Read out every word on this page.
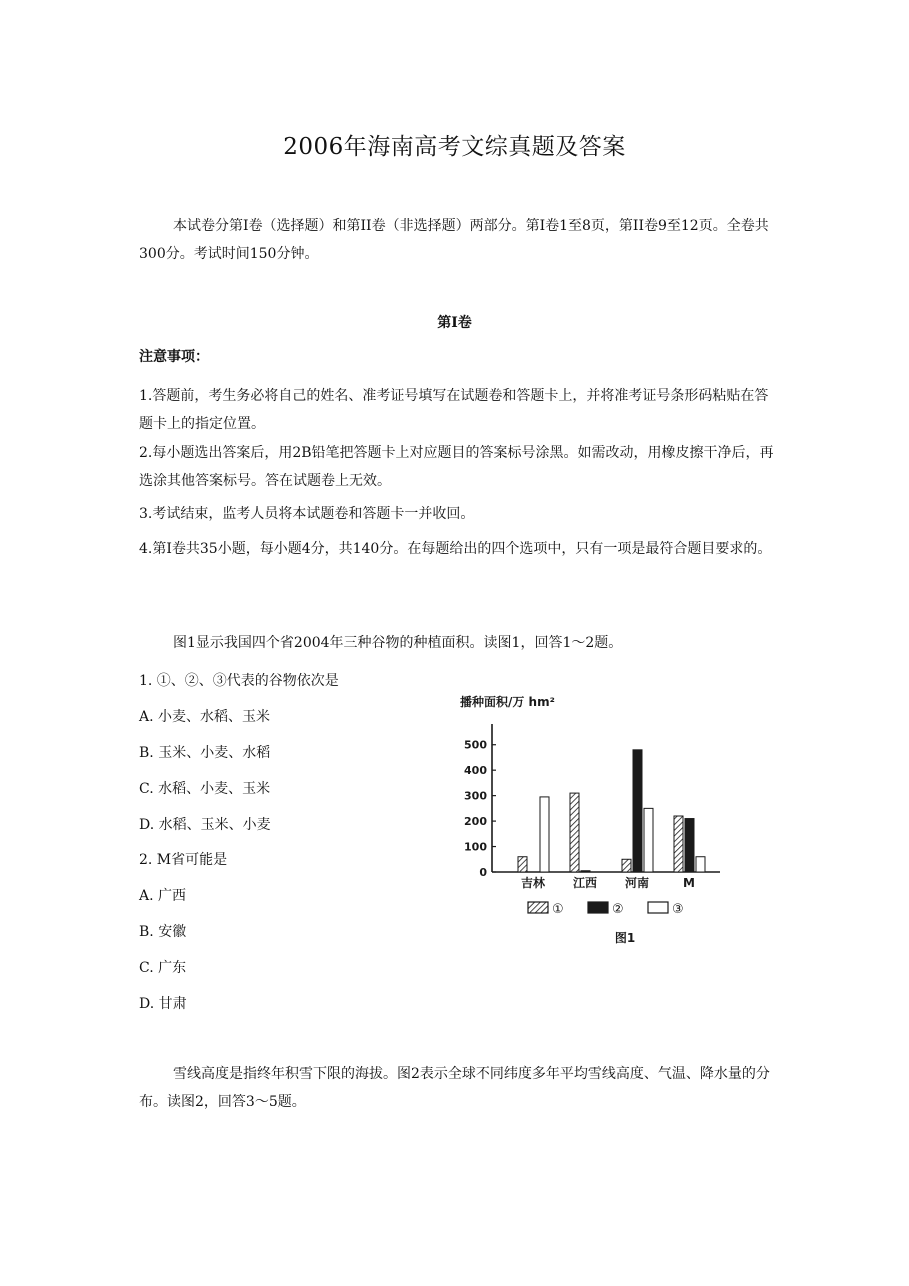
2006年海南高考文综真题及答案
本试卷分第I卷（选择题）和第II卷（非选择题）两部分。第I卷1至8页，第II卷9至12页。全卷共300分。考试时间150分钟。
第I卷
注意事项：
1.答题前，考生务必将自己的姓名、准考证号填写在试题卷和答题卡上，并将准考证号条形码粘贴在答题卡上的指定位置。
2.每小题选出答案后，用2B铅笔把答题卡上对应题目的答案标号涂黑。如需改动，用橡皮擦干净后，再选涂其他答案标号。答在试题卷上无效。
3.考试结束，监考人员将本试题卷和答题卡一并收回。
4.第I卷共35小题，每小题4分，共140分。在每题给出的四个选项中，只有一项是最符合题目要求的。
图1显示我国四个省2004年三种谷物的种植面积。读图1，回答1～2题。
1. ①、②、③代表的谷物依次是
A. 小麦、水稻、玉米
B. 玉米、小麦、水稻
C. 水稻、小麦、玉米
D. 水稻、玉米、小麦
2. M省可能是
A. 广西
B. 安徽
C. 广东
D. 甘肃
播种面积/万 hm²
0
100
200
300
400
500
吉林 江西 河南	M
①	②	③
图1
雪线高度是指终年积雪下限的海拔。图2表示全球不同纬度多年平均雪线高度、气温、降水量的分布。读图2，回答3～5题。
